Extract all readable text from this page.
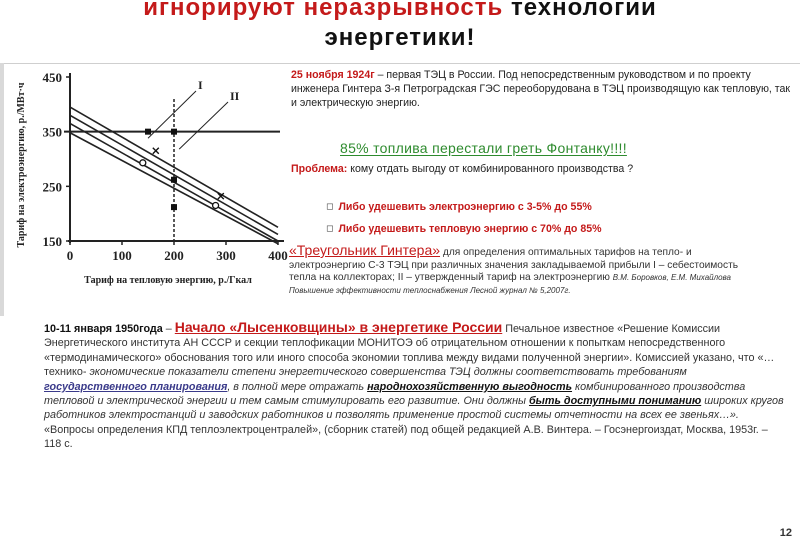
игнорируют неразрывность технологии
энергетики!
Тариф на электроэнергию, р./МВт·ч
Тариф на тепловую энергию, р./Гкал
150
250
350
450
0	100	200	300	400
I
II
25 ноября 1924г – первая ТЭЦ в России. Под непосредственным руководством и по проекту инженера Гинтера З-я Петроградская ГЭС переоборудована в ТЭЦ производящую как тепловую, так и электрическую энергию.
85% топлива перестали греть Фонтанку!!!!
Проблема: кому отдать выгоду от комбинированного производства ?
◻ Либо удешевить электроэнергию с 3-5% до 55%
◻ Либо удешевить тепловую энергию с 70% до 85%
«Треугольник Гинтера» для определения оптимальных тарифов на тепло- и электроэнергию С-3 ТЭЦ при различных значения закладываемой прибыли I – себестоимость тепла на коллекторах; II – утвержденный тариф на электроэнергию В.М. Боровков, Е.М. Михайлова Повышение эффективности теплоснабжения Лесной журнал № 5,2007г.
10-11 января 1950года – Начало «Лысенковщины» в энергетике России Печальное известное «Решение Комиссии Энергетического института АН СССР и секции теплофикации МОНИТОЭ об отрицательном отношении к попыткам непосредственного «термодинамического» обоснования того или иного способа экономии топлива между видами полученной энергии». Комиссией указано, что «…технико- экономические показатели степени энергетического совершенства ТЭЦ должны соответствовать требованиям государственного планирования, в полной мере отражать народнохозяйственную выгодность комбинированного производства тепловой и электрической энергии и тем самым стимулировать его развитие. Они должны быть доступными пониманию широких кругов работников электростанций и заводских работников и позволять применение простой системы отчетности на всех ее звеньях…». «Вопросы определения КПД теплоэлектроцентралей», (сборник статей) под общей редакцией А.В. Винтера. – Госэнергоиздат, Москва, 1953г. – 118 с.
12
